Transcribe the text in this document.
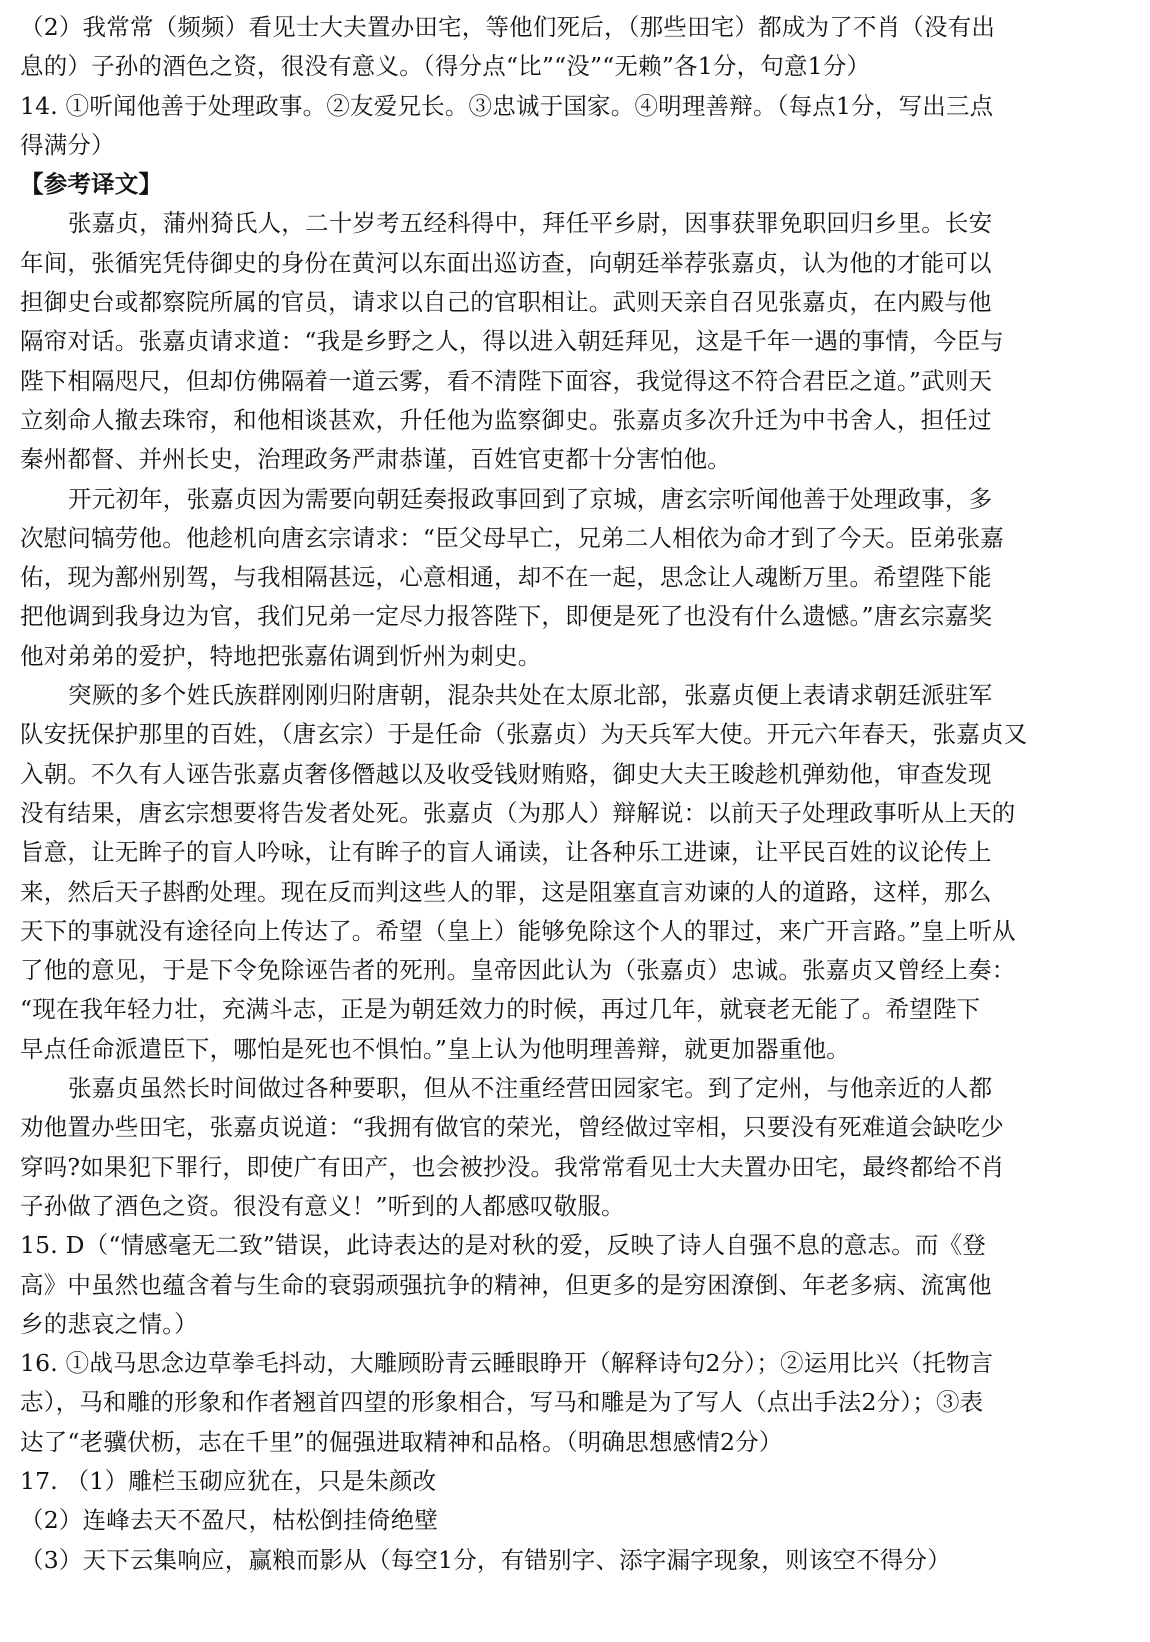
（2）我常常（频频）看见士大夫置办田宅，等他们死后，（那些田宅）都成为了不肖（没有出

息的）子孙的酒色之资，很没有意义。（得分点“比”“没”“无赖”各1分，句意1分）

14. ①听闻他善于处理政事。②友爱兄长。③忠诚于国家。④明理善辩。（每点1分，写出三点

得满分）

【参考译文】

张嘉贞，蒲州猗氏人，二十岁考五经科得中，拜任平乡尉，因事获罪免职回归乡里。长安

年间，张循宪凭侍御史的身份在黄河以东面出巡访查，向朝廷举荐张嘉贞，认为他的才能可以

担御史台或都察院所属的官员，请求以自己的官职相让。武则天亲自召见张嘉贞，在内殿与他

隔帘对话。张嘉贞请求道：“我是乡野之人，得以进入朝廷拜见，这是千年一遇的事情，今臣与

陛下相隔咫尺，但却仿佛隔着一道云雾，看不清陛下面容，我觉得这不符合君臣之道。”武则天

立刻命人撤去珠帘，和他相谈甚欢，升任他为监察御史。张嘉贞多次升迁为中书舍人，担任过

秦州都督、并州长史，治理政务严肃恭谨，百姓官吏都十分害怕他。

开元初年，张嘉贞因为需要向朝廷奏报政事回到了京城，唐玄宗听闻他善于处理政事，多

次慰问犒劳他。他趁机向唐玄宗请求：“臣父母早亡，兄弟二人相依为命才到了今天。臣弟张嘉

佑，现为鄯州别驾，与我相隔甚远，心意相通，却不在一起，思念让人魂断万里。希望陛下能

把他调到我身边为官，我们兄弟一定尽力报答陛下，即便是死了也没有什么遗憾。”唐玄宗嘉奖

他对弟弟的爱护，特地把张嘉佑调到忻州为刺史。

突厥的多个姓氏族群刚刚归附唐朝，混杂共处在太原北部，张嘉贞便上表请求朝廷派驻军

队安抚保护那里的百姓，（唐玄宗）于是任命（张嘉贞）为天兵军大使。开元六年春天，张嘉贞又

入朝。不久有人诬告张嘉贞奢侈僭越以及收受钱财贿赂，御史大夫王晙趁机弹劾他，审查发现

没有结果，唐玄宗想要将告发者处死。张嘉贞（为那人）辩解说：以前天子处理政事听从上天的

旨意，让无眸子的盲人吟咏，让有眸子的盲人诵读，让各种乐工进谏，让平民百姓的议论传上

来，然后天子斟酌处理。现在反而判这些人的罪，这是阻塞直言劝谏的人的道路，这样，那么

天下的事就没有途径向上传达了。希望（皇上）能够免除这个人的罪过，来广开言路。”皇上听从

了他的意见，于是下令免除诬告者的死刑。皇帝因此认为（张嘉贞）忠诚。张嘉贞又曾经上奏：

“现在我年轻力壮，充满斗志，正是为朝廷效力的时候，再过几年，就衰老无能了。希望陛下

早点任命派遣臣下，哪怕是死也不惧怕。”皇上认为他明理善辩，就更加器重他。

张嘉贞虽然长时间做过各种要职，但从不注重经营田园家宅。到了定州，与他亲近的人都

劝他置办些田宅，张嘉贞说道：“我拥有做官的荣光，曾经做过宰相，只要没有死难道会缺吃少

穿吗?如果犯下罪行，即使广有田产，也会被抄没。我常常看见士大夫置办田宅，最终都给不肖

子孙做了酒色之资。很没有意义！”听到的人都感叹敬服。

15. D（“情感毫无二致”错误，此诗表达的是对秋的爱，反映了诗人自强不息的意志。而《登

高》中虽然也蕴含着与生命的衰弱顽强抗争的精神，但更多的是穷困潦倒、年老多病、流寓他

乡的悲哀之情。）

16. ①战马思念边草拳毛抖动，大雕顾盼青云睡眼睁开（解释诗句2分）；②运用比兴（托物言

志），马和雕的形象和作者翘首四望的形象相合，写马和雕是为了写人（点出手法2分）；③表

达了“老骥伏枥，志在千里”的倔强进取精神和品格。（明确思想感情2分）

17. （1）雕栏玉砌应犹在，只是朱颜改

（2）连峰去天不盈尺，枯松倒挂倚绝壁

（3）天下云集响应，赢粮而影从（每空1分，有错别字、添字漏字现象，则该空不得分）
